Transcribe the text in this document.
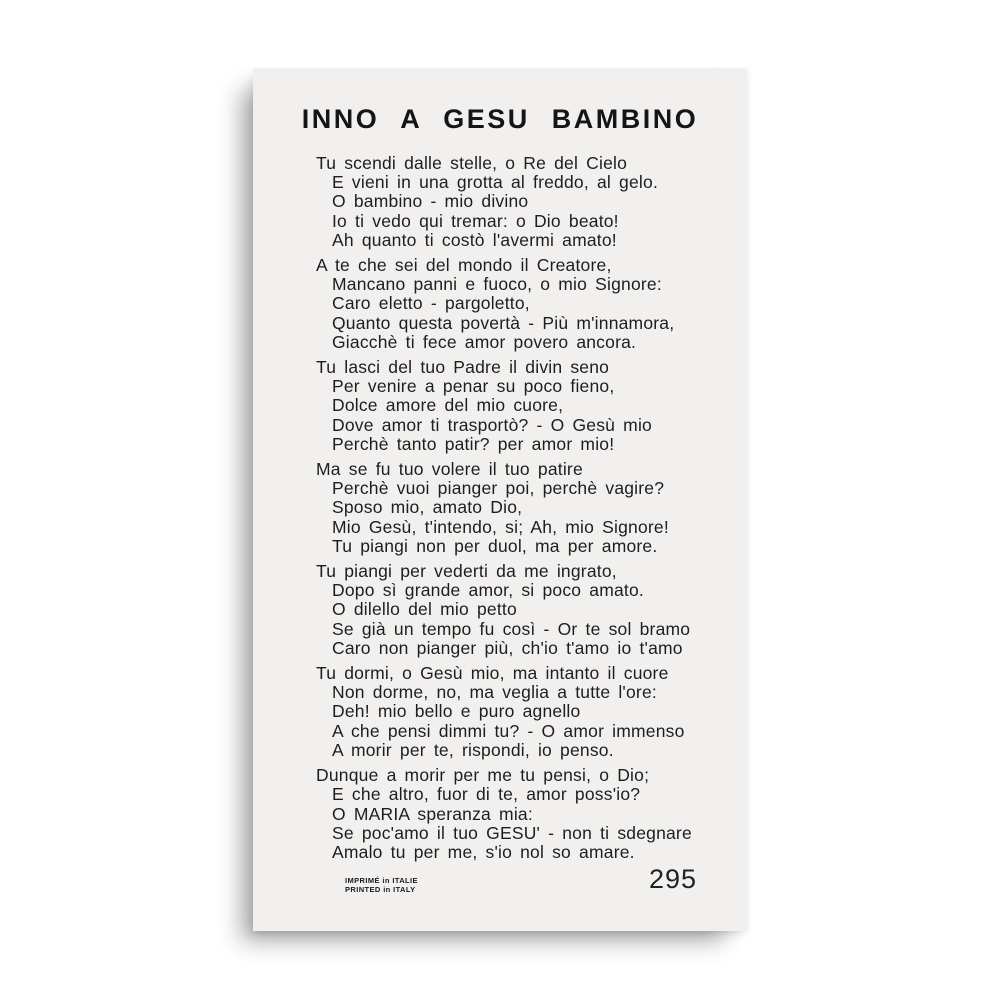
INNO A GESU BAMBINO
Tu scendi dalle stelle, o Re del Cielo
E vieni in una grotta al freddo, al gelo.
O bambino - mio divino
Io ti vedo qui tremar: o Dio beato!
Ah quanto ti costò l'avermi amato!
A te che sei del mondo il Creatore,
Mancano panni e fuoco, o mio Signore:
Caro eletto - pargoletto,
Quanto questa povertà - Più m'innamora,
Giacchè ti fece amor povero ancora.
Tu lasci del tuo Padre il divin seno
Per venire a penar su poco fieno,
Dolce amore del mio cuore,
Dove amor ti trasportò? - O Gesù mio
Perchè tanto patir? per amor mio!
Ma se fu tuo volere il tuo patire
Perchè vuoi pianger poi, perchè vagire?
Sposo mio, amato Dio,
Mio Gesù, t'intendo, si; Ah, mio Signore!
Tu piangi non per duol, ma per amore.
Tu piangi per vederti da me ingrato,
Dopo sì grande amor, si poco amato.
O dilello del mio petto
Se già un tempo fu così - Or te sol bramo
Caro non pianger più, ch'io t'amo io t'amo
Tu dormi, o Gesù mio, ma intanto il cuore
Non dorme, no, ma veglia a tutte l'ore:
Deh! mio bello e puro agnello
A che pensi dimmi tu? - O amor immenso
A morir per te, rispondi, io penso.
Dunque a morir per me tu pensi, o Dio;
E che altro, fuor di te, amor poss'io?
O MARIA speranza mia:
Se poc'amo il tuo GESU' - non ti sdegnare
Amalo tu per me, s'io nol so amare.
IMPRIMÉ in ITALIE
PRINTED in ITALY	295
